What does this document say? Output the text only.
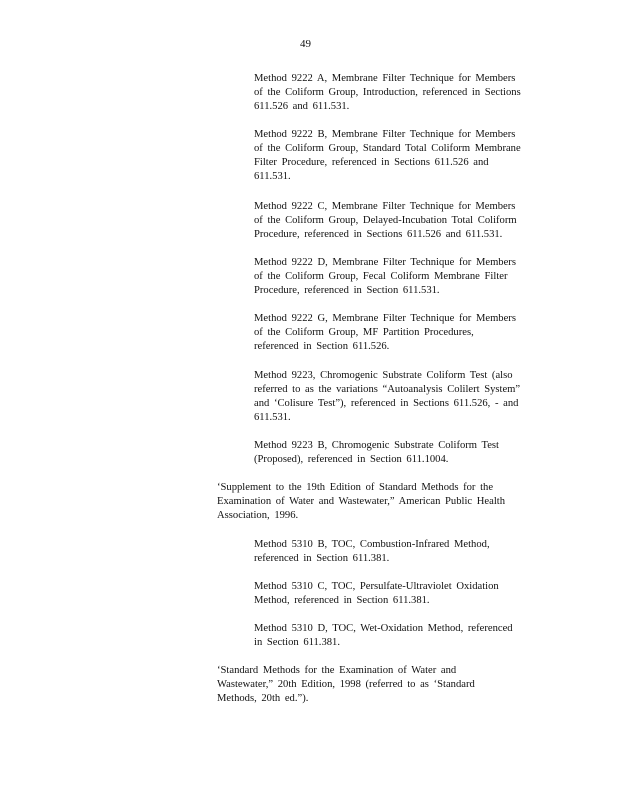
49
Method 9222 A, Membrane Filter Technique for Members
of the Coliform Group, Introduction, referenced in Sections
611.526 and 611.531.
Method 9222 B, Membrane Filter Technique for Members
of the Coliform Group, Standard Total Coliform Membrane
Filter Procedure, referenced in Sections 611.526 and
611.531.
Method 9222 C, Membrane Filter Technique for Members
of the Coliform Group, Delayed-Incubation Total Coliform
Procedure, referenced in Sections 611.526 and 611.531.
Method 9222 D, Membrane Filter Technique for Members
of the Coliform Group, Fecal Coliform Membrane Filter
Procedure, referenced in Section 611.531.
Method 9222 G, Membrane Filter Technique for Members
of the Coliform Group, MF Partition Procedures,
referenced in Section 611.526.
Method 9223, Chromogenic Substrate Coliform Test (also
referred to as the variations “Autoanalysis Colilert System”
and ‘Colisure Test”), referenced in Sections 611.526, - and
611.531.
Method 9223 B, Chromogenic Substrate Coliform Test
(Proposed), referenced in Section 611.1004.
‘Supplement to the 19th Edition of Standard Methods for the
Examination of Water and Wastewater,” American Public Health
Association, 1996.
Method 5310 B, TOC, Combustion-Infrared Method,
referenced in Section 611.381.
Method 5310 C, TOC, Persulfate-Ultraviolet Oxidation
Method, referenced in Section 611.381.
Method 5310 D, TOC, Wet-Oxidation Method, referenced
in Section 611.381.
‘Standard Methods for the Examination of Water and
Wastewater,” 20th Edition, 1998 (referred to as ‘Standard
Methods, 20th ed.”).
